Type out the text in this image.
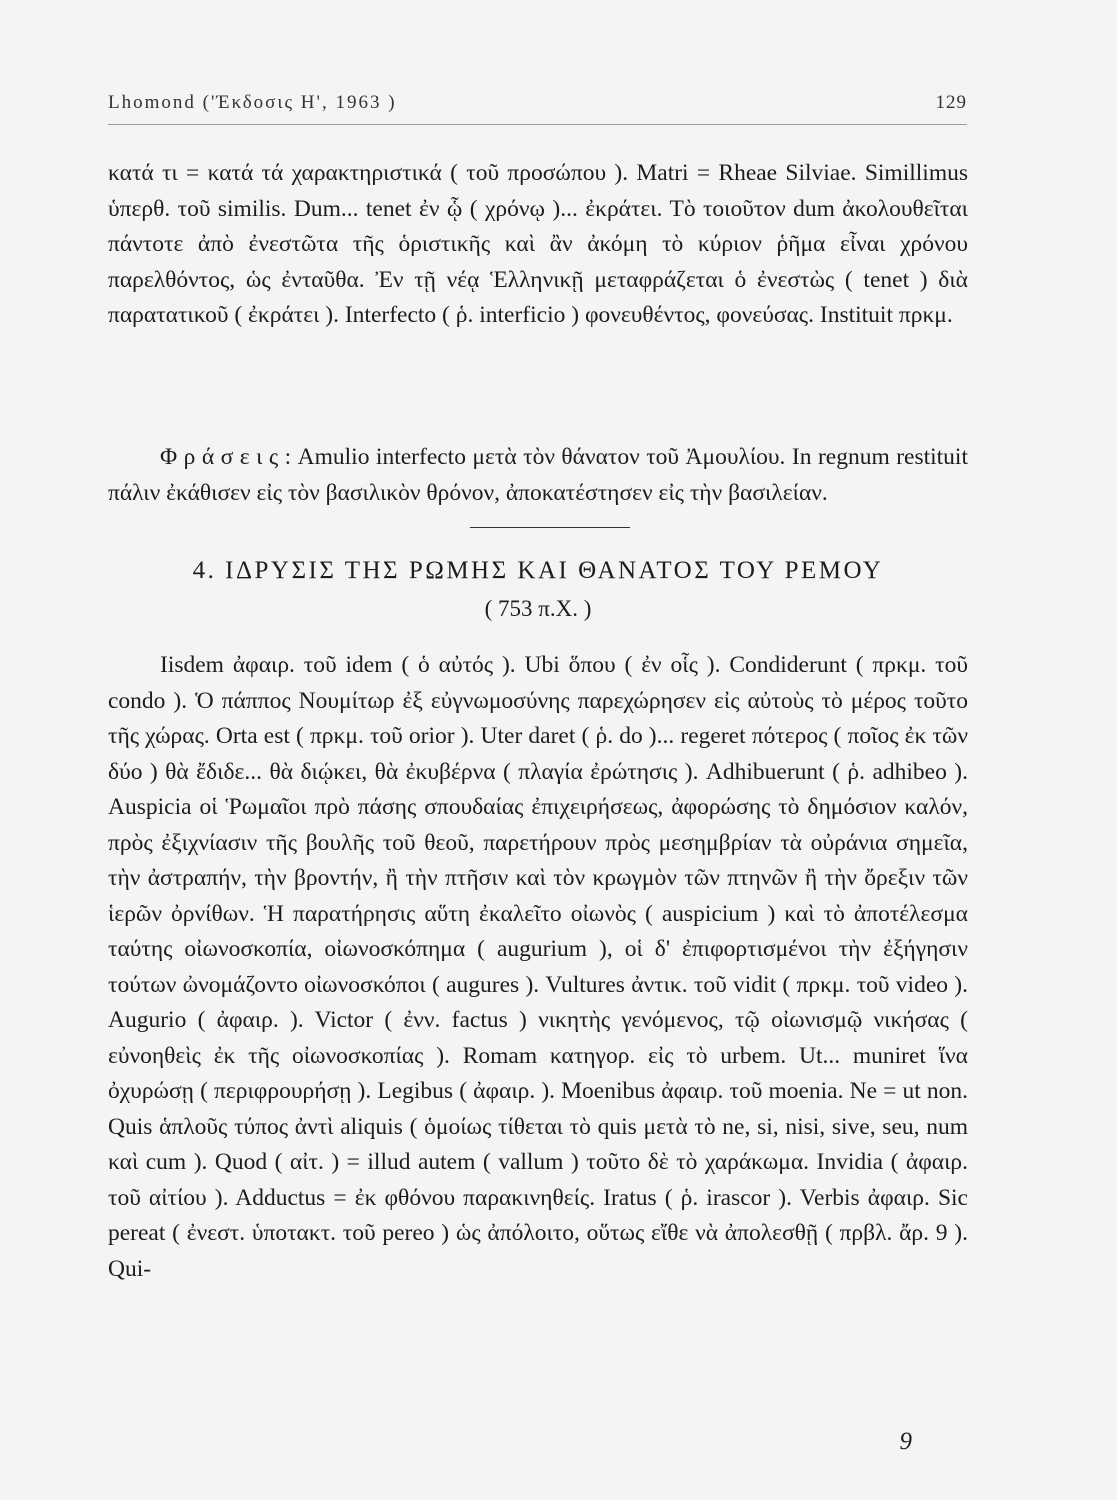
Lhomond ('Έκδοσις Η', 1963 )	129

κατά τι = κατά τά χαρακτηριστικά ( τοῦ προσώπου ). Matri = Rheae Silviae. Simillimus ὑπερθ. τοῦ similis. Dum... tenet ἐν ᾧ ( χρόνῳ )... ἐκράτει. Τὸ τοιοῦτον dum ἀκολουθεῖται πάντοτε ἀπὸ ἐνεστῶτα τῆς ὁριστικῆς καὶ ἂν ἀκόμη τὸ κύριον ῥῆμα εἶναι χρόνου παρελθόντος, ὡς ἐνταῦθα. Ἐν τῇ νέᾳ Ἑλληνικῇ μεταφράζεται ὁ ἐνεστὼς ( tenet ) διὰ παρατατικοῦ ( ἐκράτει ). Interfecto ( ῥ. interficio ) φονευθέντος, φονεύσας. Instituit πρκμ.

Φ ρ ά σ ε ι ς : Amulio interfecto μετὰ τὸν θάνατον τοῦ Ἀμουλίου. In regnum restituit πάλιν ἐκάθισεν εἰς τὸν βασιλικὸν θρόνον, ἀποκατέστησεν εἰς τὴν βασιλείαν.

4. ΙΔΡΥΣΙΣ ΤΗΣ ΡΩΜΗΣ ΚΑΙ ΘΑΝΑΤΟΣ ΤΟΥ ΡΕΜΟΥ
( 753 π.Χ. )

Iisdem ἀφαιρ. τοῦ idem ( ὁ αὐτός ). Ubi ὅπου ( ἐν οἷς ). Condiderunt ( πρκμ. τοῦ condo ). Ὁ πάππος Νουμίτωρ ἐξ εὐγνωμοσύνης παρεχώρησεν εἰς αὐτοὺς τὸ μέρος τοῦτο τῆς χώρας. Orta est ( πρκμ. τοῦ orior ). Uter daret ( ῥ. do )... regeret πότερος ( ποῖος ἐκ τῶν δύο ) θὰ ἔδιδε... θὰ διῴκει, θὰ ἐκυβέρνα ( πλαγία ἐρώτησις ). Adhibuerunt ( ῥ. adhibeo ). Auspicia οἱ Ῥωμαῖοι πρὸ πάσης σπουδαίας ἐπιχειρήσεως, ἀφορώσης τὸ δημόσιον καλόν, πρὸς ἐξιχνίασιν τῆς βουλῆς τοῦ θεοῦ, παρετήρουν πρὸς μεσημβρίαν τὰ οὐράνια σημεῖα, τὴν ἀστραπήν, τὴν βροντήν, ἢ τὴν πτῆσιν καὶ τὸν κρωγμὸν τῶν πτηνῶν ἢ τὴν ὄρεξιν τῶν ἱερῶν ὀρνίθων. Ἡ παρατήρησις αὕτη ἐκαλεῖτο οἰωνὸς ( auspicium ) καὶ τὸ ἀποτέλεσμα ταύτης οἰωνοσκοπία, οἰωνοσκόπημα ( augurium ), οἱ δ' ἐπιφορτισμένοι τὴν ἐξήγησιν τούτων ὠνομάζοντο οἰωνοσκόποι ( augures ). Vultures ἀντικ. τοῦ vidit ( πρκμ. τοῦ video ). Augurio ( ἀφαιρ. ). Victor ( ἐνν. factus ) νικητὴς γενόμενος, τῷ οἰωνισμῷ νικήσας ( εὐνοηθεὶς ἐκ τῆς οἰωνοσκοπίας ). Romam κατηγορ. εἰς τὸ urbem. Ut... muniret ἵνα ὀχυρώσῃ ( περιφρουρήσῃ ). Legibus ( ἀφαιρ. ). Moenibus ἀφαιρ. τοῦ moenia. Ne = ut non. Quis ἁπλοῦς τύπος ἀντὶ aliquis ( ὁμοίως τίθεται τὸ quis μετὰ τὸ ne, si, nisi, sive, seu, num καὶ cum ). Quod ( αἰτ. ) = illud autem ( vallum ) τοῦτο δὲ τὸ χαράκωμα. Invidia ( ἀφαιρ. τοῦ αἰτίου ). Adductus = ἐκ φθόνου παρακινηθείς. Iratus ( ῥ. irascor ). Verbis ἀφαιρ. Sic pereat ( ἐνεστ. ὑποτακτ. τοῦ pereo ) ὡς ἀπόλοιτο, οὕτως εἴθε νὰ ἀπολεσθῇ ( πρβλ. ἄρ. 9 ). Qui-

9
